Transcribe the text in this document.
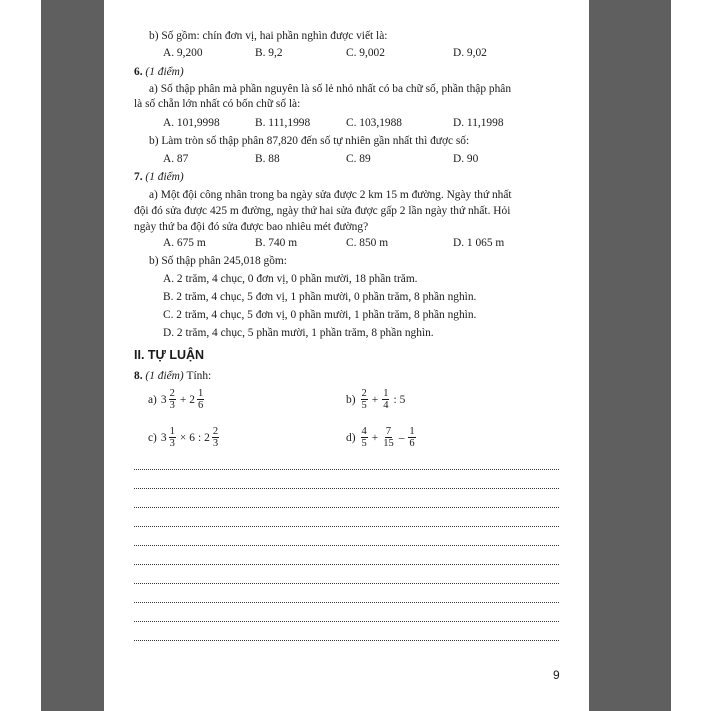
b) Số gồm: chín đơn vị, hai phần nghìn được viết là:
A. 9,200	B. 9,2	C. 9,002	D. 9,02
6. (1 điểm)
a) Số thập phân mà phần nguyên là số lẻ nhỏ nhất có ba chữ số, phần thập phân
là số chẵn lớn nhất có bốn chữ số là:
A. 101,9998	B. 111,1998	C. 103,1988	D. 11,1998
b) Làm tròn số thập phân 87,820 đến số tự nhiên gần nhất thì được số:
A. 87	B. 88	C. 89	D. 90
7. (1 điểm)
a) Một đội công nhân trong ba ngày sửa được 2 km 15 m đường. Ngày thứ nhất
đội đó sửa được 425 m đường, ngày thứ hai sửa được gấp 2 lần ngày thứ nhất. Hỏi
ngày thứ ba đội đó sửa được bao nhiêu mét đường?
A. 675 m	B. 740 m	C. 850 m	D. 1 065 m
b) Số thập phân 245,018 gồm:
A. 2 trăm, 4 chục, 0 đơn vị, 0 phần mười, 18 phần trăm.
B. 2 trăm, 4 chục, 5 đơn vị, 1 phần mười, 0 phần trăm, 8 phần nghìn.
C. 2 trăm, 4 chục, 5 đơn vị, 0 phần mười, 1 phần trăm, 8 phần nghìn.
D. 2 trăm, 4 chục, 5 phần mười, 1 phần trăm, 8 phần nghìn.
II. TỰ LUẬN
8. (1 điểm) Tính:
a) $3 \frac{2}{3} + 2 \frac{1}{6}$	$b) \frac{2}{5} + \frac{1}{4}$ : 5
c) $3 \frac{1}{3} \times 6$ : $2 \frac{2}{3}$	$d) \frac{4}{5} + \frac{7}{15} - \frac{1}{6}$
9
